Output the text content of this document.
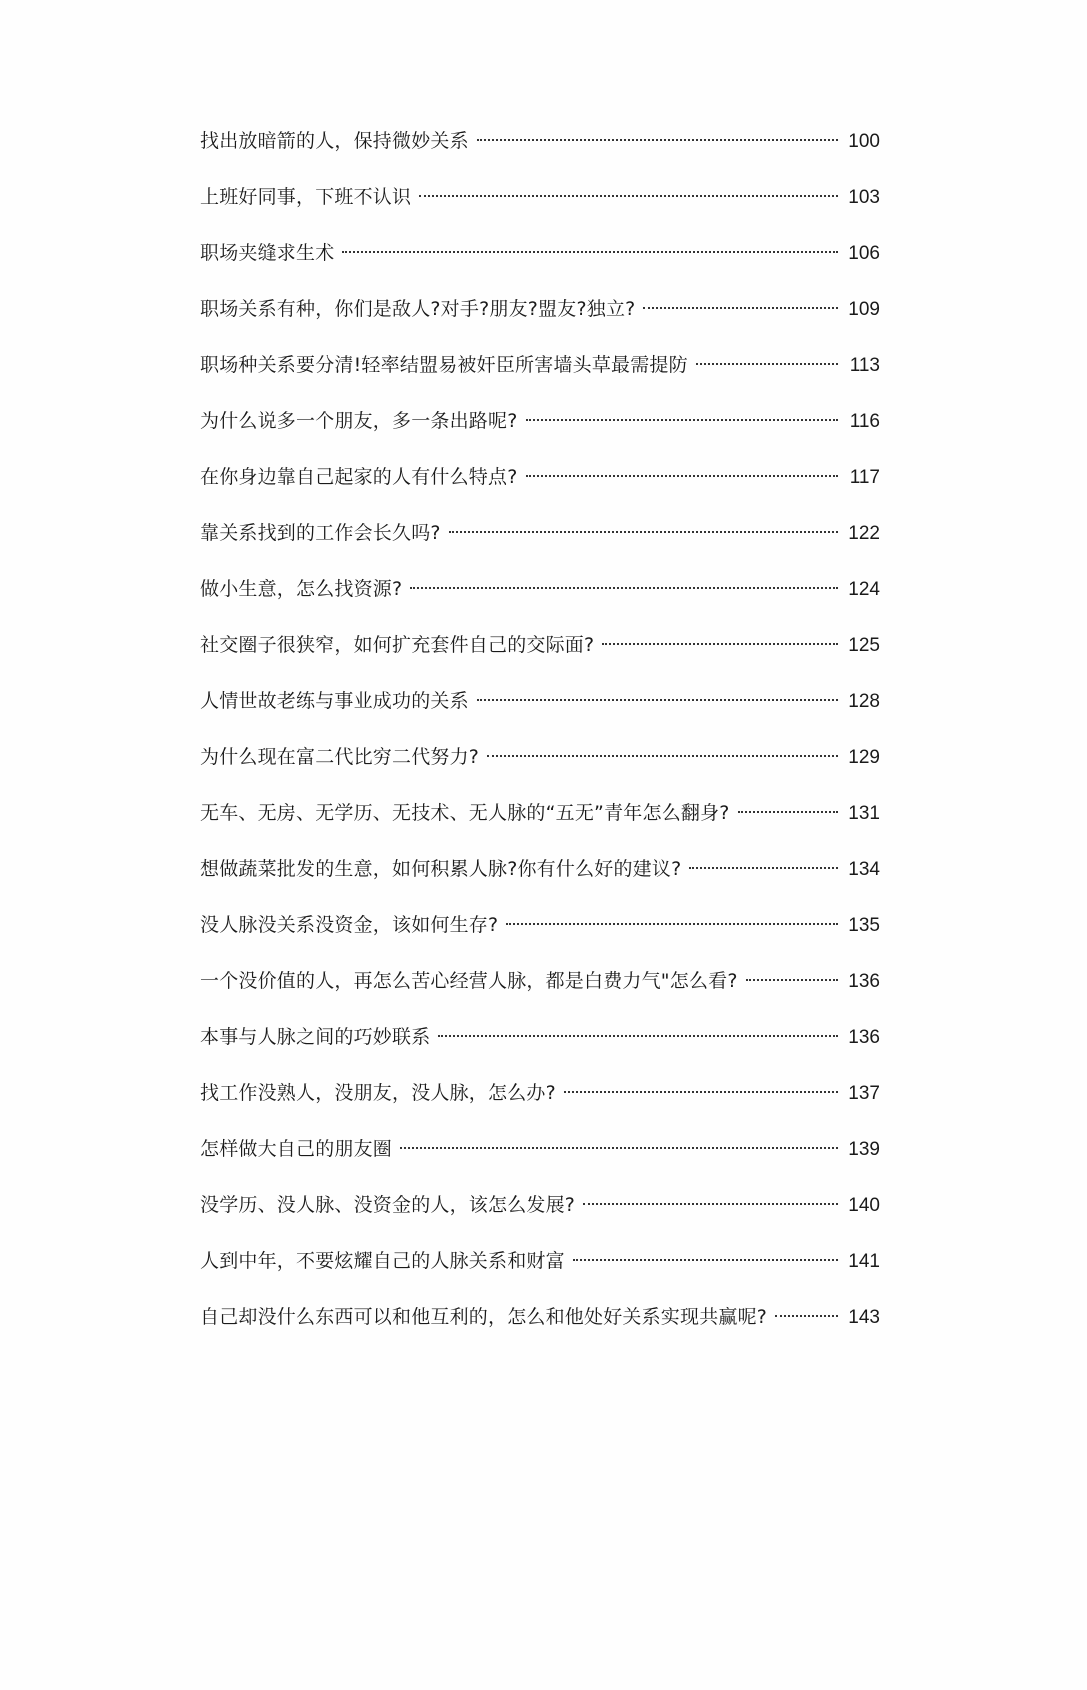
找出放暗箭的人，保持微妙关系	100
上班好同事，下班不认识	103
职场夹缝求生术	106
职场关系有种，你们是敌人?对手?朋友?盟友?独立?	109
职场种关系要分清!轻率结盟易被奸臣所害墙头草最需提防	113
为什么说多一个朋友，多一条出路呢?	116
在你身边靠自己起家的人有什么特点?	117
靠关系找到的工作会长久吗?	122
做小生意，怎么找资源?	124
社交圈子很狭窄，如何扩充套件自己的交际面?	125
人情世故老练与事业成功的关系	128
为什么现在富二代比穷二代努力?	129
无车、无房、无学历、无技术、无人脉的“五无”青年怎么翻身?	131
想做蔬菜批发的生意，如何积累人脉?你有什么好的建议?	134
没人脉没关系没资金，该如何生存?	135
一个没价值的人，再怎么苦心经营人脉，都是白费力气"怎么看?	136
本事与人脉之间的巧妙联系	136
找工作没熟人，没朋友，没人脉，怎么办?	137
怎样做大自己的朋友圈	139
没学历、没人脉、没资金的人，该怎么发展?	140
人到中年，不要炫耀自己的人脉关系和财富	141
自己却没什么东西可以和他互利的，怎么和他处好关系实现共赢呢?	143
